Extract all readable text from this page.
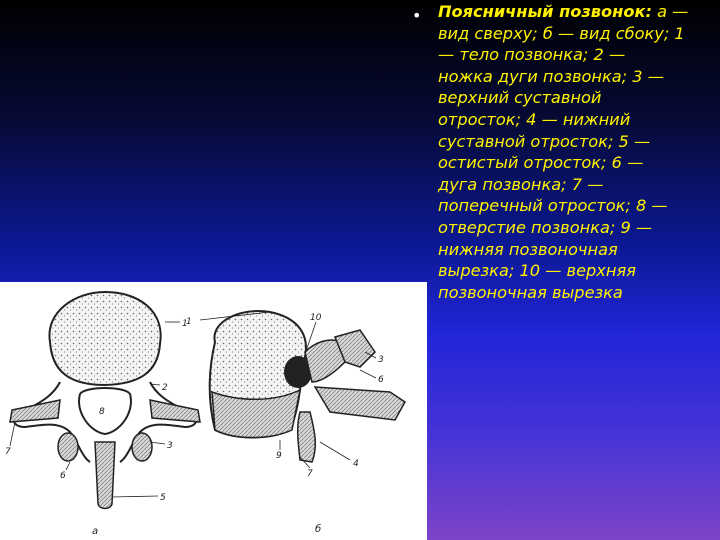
1
2
3
5
6
7
8
а
1	10
3
6
4
7
9
б
• Поясничный позвонок: а —
вид сверху; б — вид сбоку; 1
— тело позвонка; 2 —
ножка дуги позвонка; 3 —
верхний суставной
отросток; 4 — нижний
суставной отросток; 5 —
остистый отросток; 6 —
дуга позвонка; 7 —
поперечный отросток; 8 —
отверстие позвонка; 9 —
нижняя позвоночная
вырезка; 10 — верхняя
позвоночная вырезка
